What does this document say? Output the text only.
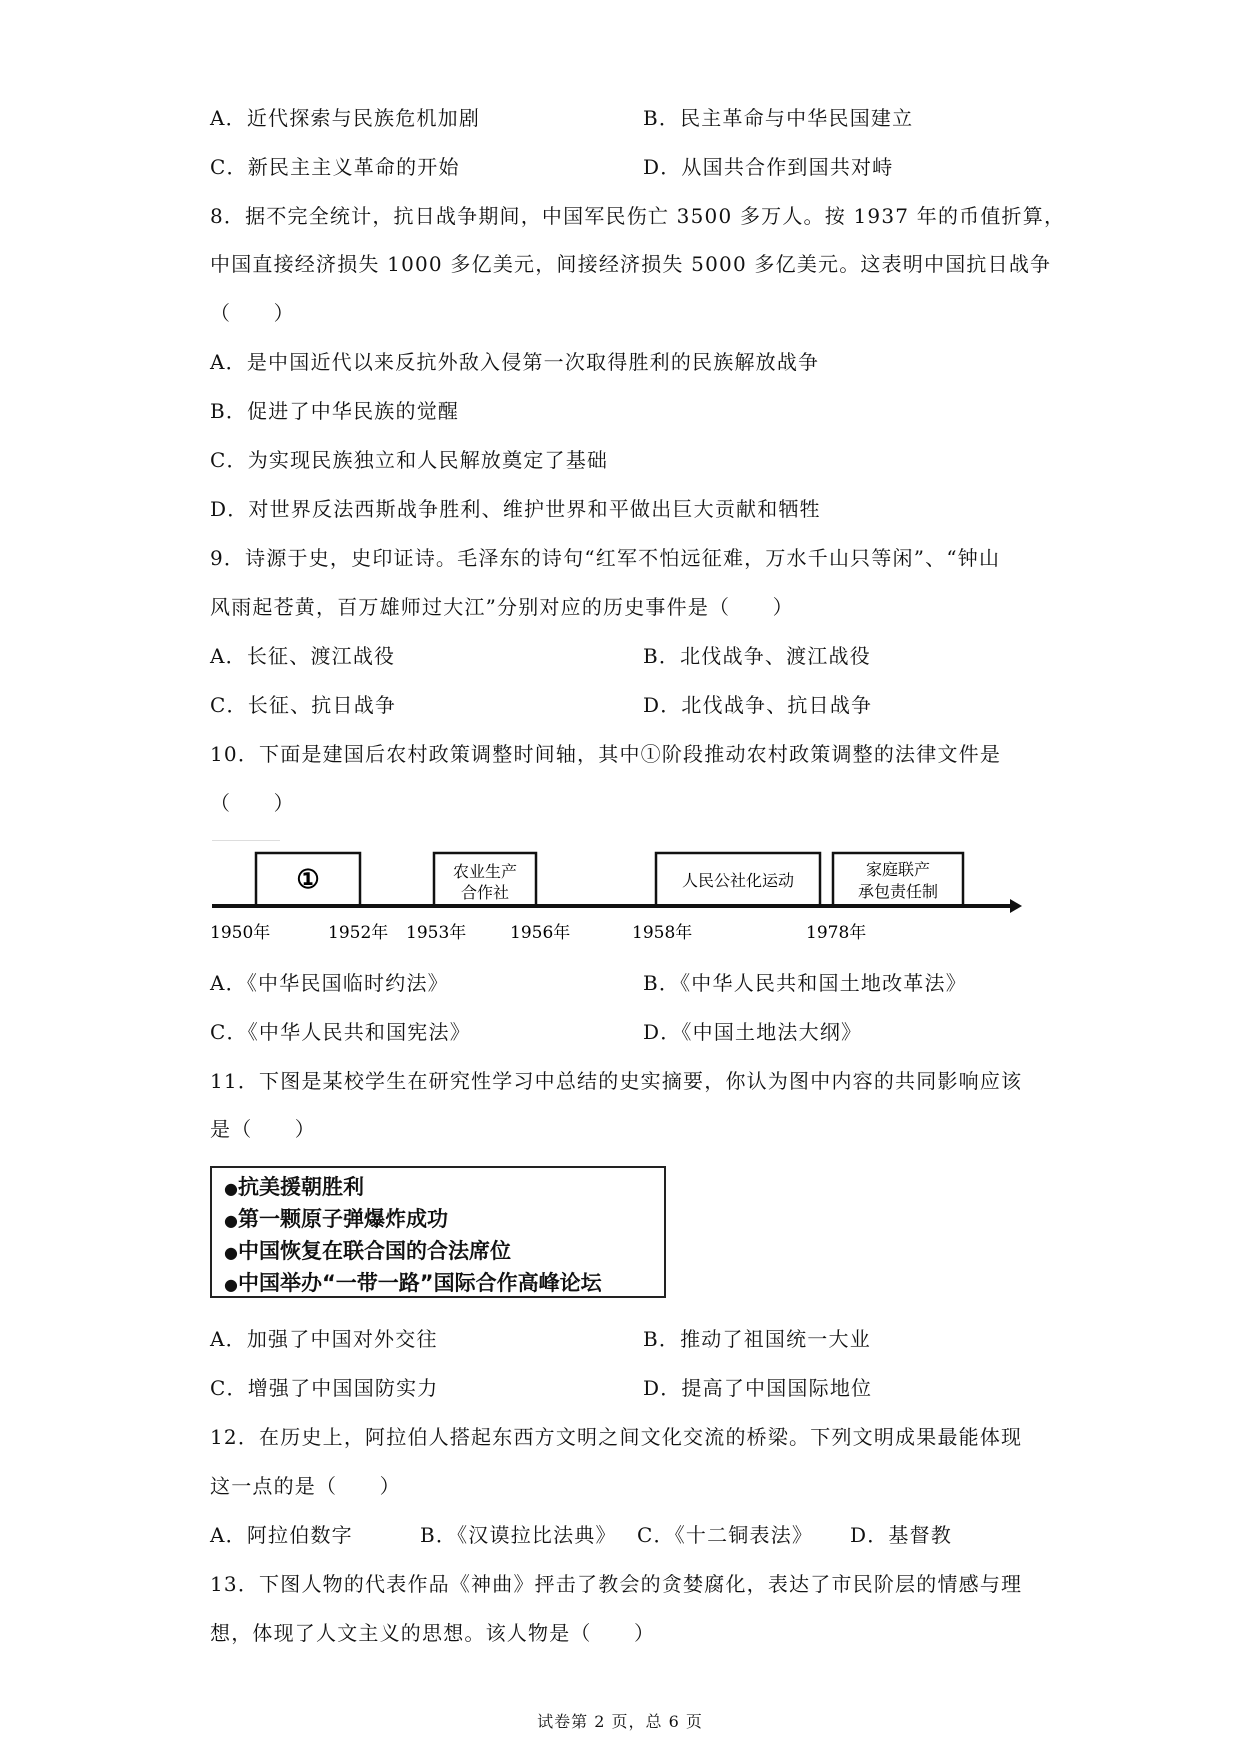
A．近代探索与民族危机加剧	B．民主革命与中华民国建立
C．新民主主义革命的开始	D．从国共合作到国共对峙
8．据不完全统计，抗日战争期间，中国军民伤亡 3500 多万人。按 1937 年的币值折算，
中国直接经济损失 1000 多亿美元，间接经济损失 5000 多亿美元。这表明中国抗日战争
（　　）
A．是中国近代以来反抗外敌入侵第一次取得胜利的民族解放战争
B．促进了中华民族的觉醒
C．为实现民族独立和人民解放奠定了基础
D．对世界反法西斯战争胜利、维护世界和平做出巨大贡献和牺牲
9．诗源于史，史印证诗。毛泽东的诗句“红军不怕远征难，万水千山只等闲”、“钟山
风雨起苍黄，百万雄师过大江”分别对应的历史事件是（　　）
A．长征、渡江战役	B．北伐战争、渡江战役
C．长征、抗日战争	D．北伐战争、抗日战争
10．下面是建国后农村政策调整时间轴，其中①阶段推动农村政策调整的法律文件是
（　　）
①	农业生产
合作社
人民公社化运动
家庭联产
承包责任制
1950年	1952年 1953年	1956年	1958年	1978年
A．《中华民国临时约法》	B．《中华人民共和国土地改革法》
C．《中华人民共和国宪法》	D．《中国土地法大纲》
11．下图是某校学生在研究性学习中总结的史实摘要，你认为图中内容的共同影响应该
是（　　）
●抗美援朝胜利
●第一颗原子弹爆炸成功
●中国恢复在联合国的合法席位
●中国举办“一带一路”国际合作高峰论坛
A．加强了中国对外交往	B．推动了祖国统一大业
C．增强了中国国防实力	D．提高了中国国际地位
12．在历史上，阿拉伯人搭起东西方文明之间文化交流的桥梁。下列文明成果最能体现
这一点的是（　　）
A．阿拉伯数字	B．《汉谟拉比法典》 C．《十二铜表法》 D．基督教
13．下图人物的代表作品《神曲》抨击了教会的贪婪腐化，表达了市民阶层的情感与理
想，体现了人文主义的思想。该人物是（　　）
试卷第 2 页，总 6 页
